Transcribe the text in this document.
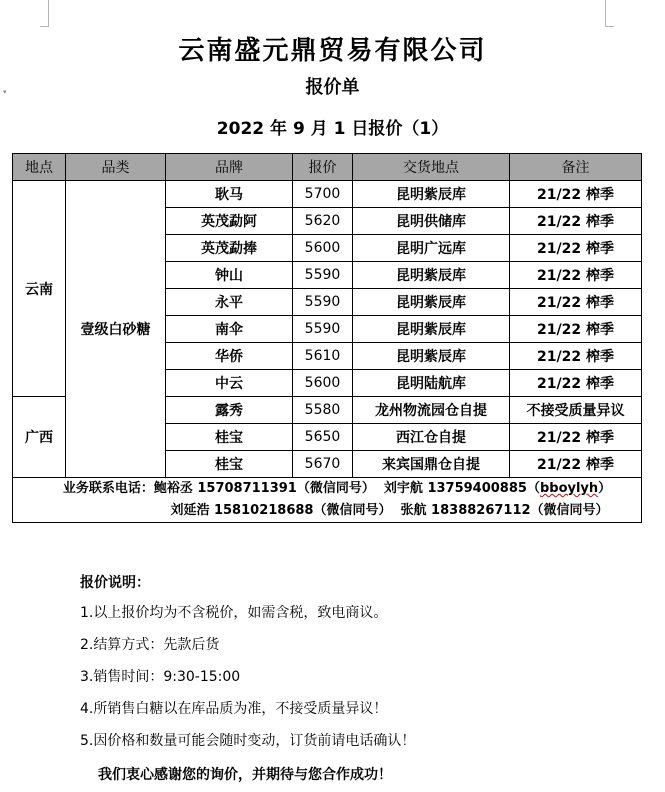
▾
云南盛元鼎贸易有限公司
报价单
2022 年 9 月 1 日报价（1）
地点	品类	品牌	报价	交货地点	备注
云南	壹级白砂糖	耿马	5700	昆明紫辰库	21/22 榨季
		英茂勐阿	5620	昆明供储库	21/22 榨季
		英茂勐捧	5600	昆明广远库	21/22 榨季
		钟山	5590	昆明紫辰库	21/22 榨季
		永平	5590	昆明紫辰库	21/22 榨季
		南伞	5590	昆明紫辰库	21/22 榨季
		华侨	5610	昆明紫辰库	21/22 榨季
		中云	5600	昆明陆航库	21/22 榨季
广西		露秀	5580	龙州物流园仓自提	不接受质量异议
		桂宝	5650	西江仓自提	21/22 榨季
		桂宝	5670	来宾国鼎仓自提	21/22 榨季

业务联系电话：鲍裕丞 15708711391（微信同号） 刘宇航 13759400885（bboylyh）
刘延浩 15810218688（微信同号） 张航 18388267112（微信同号）					
报价说明：
1.以上报价均为不含税价，如需含税，致电商议。
2.结算方式：先款后货
3.销售时间：9:30-15:00
4.所销售白糖以在库品质为准，不接受质量异议！
5.因价格和数量可能会随时变动，订货前请电话确认！
我们衷心感谢您的询价，并期待与您合作成功！
